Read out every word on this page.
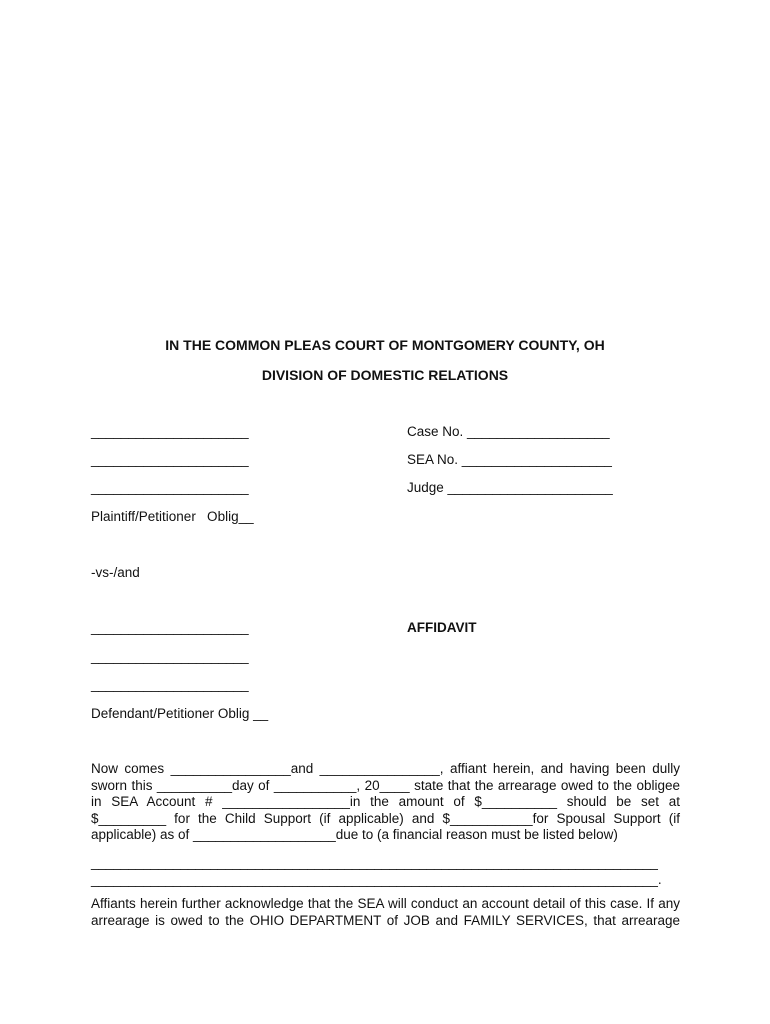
IN THE COMMON PLEAS COURT OF MONTGOMERY COUNTY, OH
DIVISION OF DOMESTIC RELATIONS
_____________________
_____________________
_____________________
Plaintiff/Petitioner   Oblig__
Case No. ___________________
SEA No. ____________________
Judge ______________________
-vs-/and
_____________________
_____________________
_____________________
Defendant/Petitioner Oblig __
AFFIDAVIT
Now comes ________________and ________________, affiant herein, and having been dully
sworn this __________day of ___________, 20____ state that the arrearage owed to the obligee
in SEA Account # _________________in the amount of $__________ should be set at
$_________ for the Child Support (if applicable) and $___________for Spousal Support (if
applicable) as of ___________________due to (a financial reason must be listed below)
____________________________________________________________________________
____________________________________________________________________________.
Affiants herein further acknowledge that the SEA will conduct an account detail of this case. If any
arrearage is owed to the OHIO DEPARTMENT of JOB and FAMILY SERVICES, that arrearage
